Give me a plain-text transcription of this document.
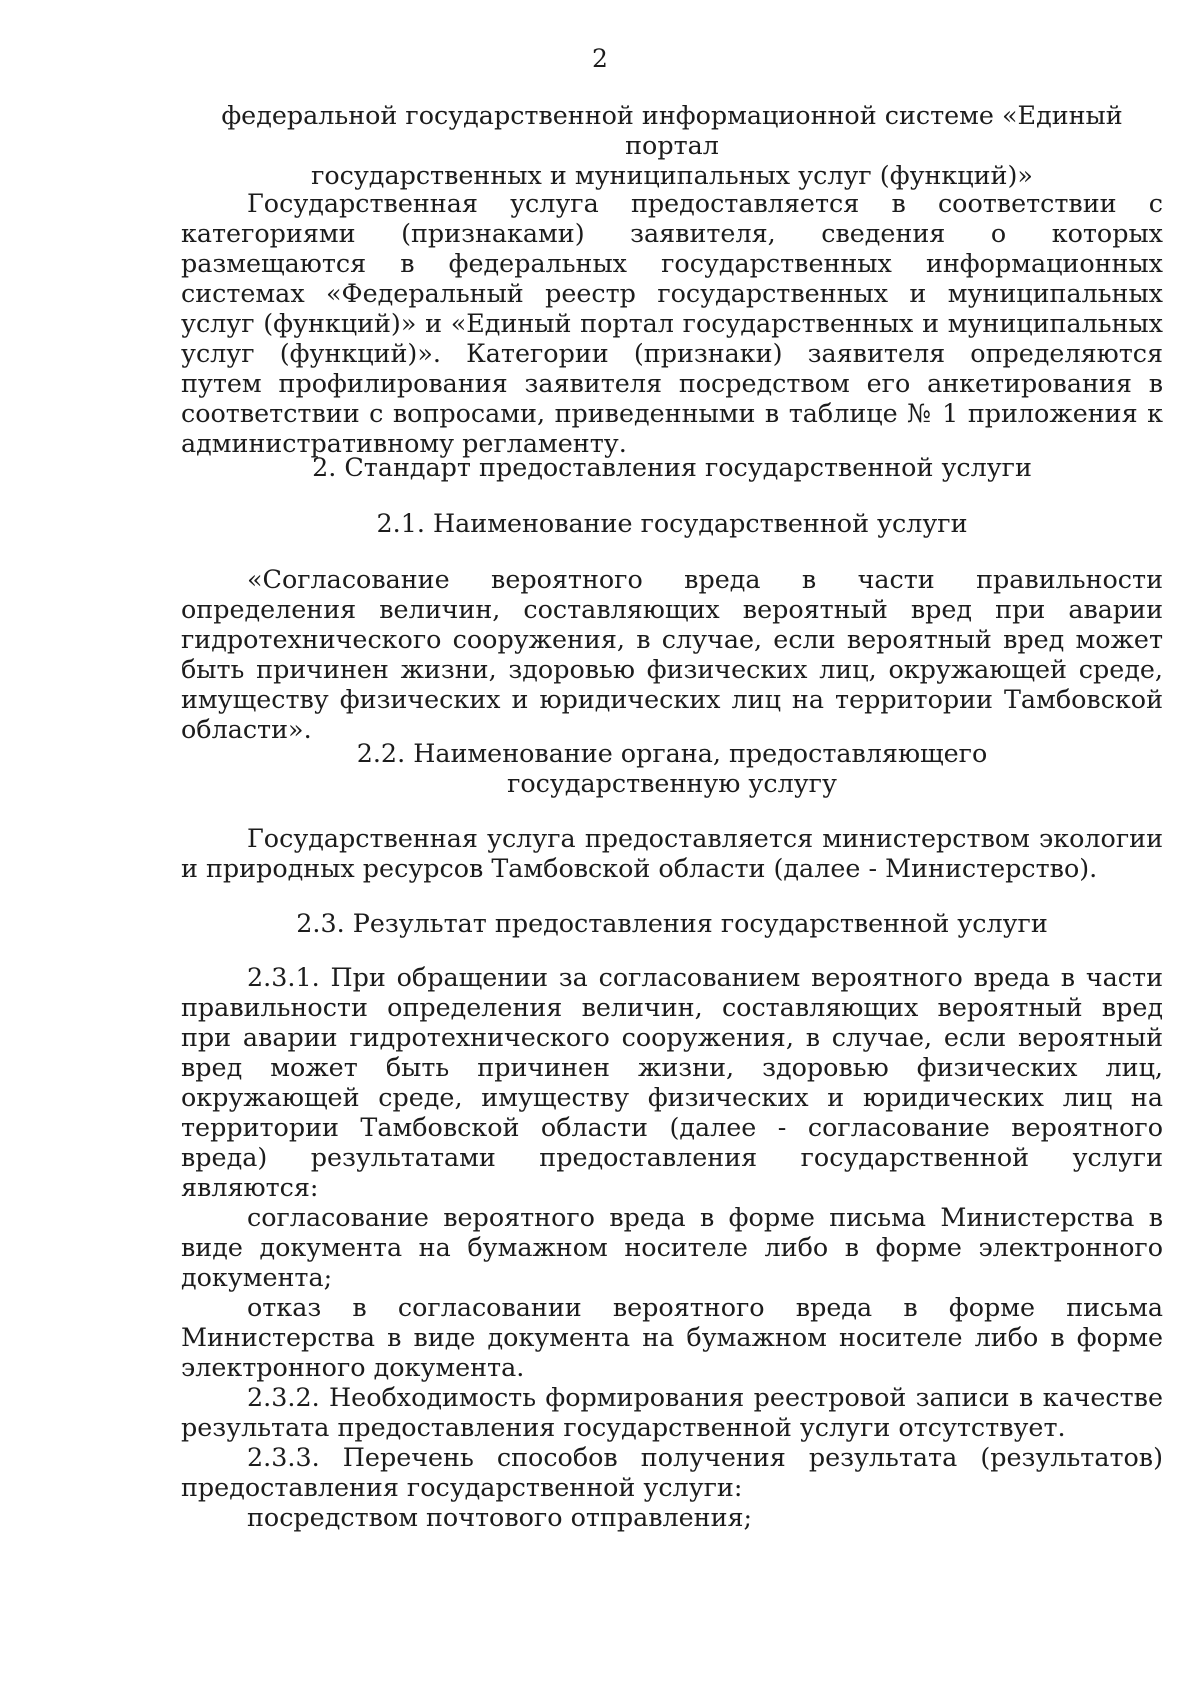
2

федеральной государственной информационной системе «Единый портал

государственных и муниципальных услуг (функций)»

Государственная услуга предоставляется в соответствии с категориями (признаками) заявителя, сведения о которых размещаются в федеральных государственных информационных системах «Федеральный реестр государственных и муниципальных услуг (функций)» и «Единый портал государственных и муниципальных услуг (функций)». Категории (признаки) заявителя определяются путем профилирования заявителя посредством его анкетирования в соответствии с вопросами, приведенными в таблице № 1 приложения к административному регламенту.

2. Стандарт предоставления государственной услуги

2.1. Наименование государственной услуги

«Согласование вероятного вреда в части правильности определения величин, составляющих вероятный вред при аварии гидротехнического сооружения, в случае, если вероятный вред может быть причинен жизни, здоровью физических лиц, окружающей среде, имуществу физических и юридических лиц на территории Тамбовской области».

2.2. Наименование органа, предоставляющего

государственную услугу

Государственная услуга предоставляется министерством экологии и природных ресурсов Тамбовской области (далее - Министерство).

2.3. Результат предоставления государственной услуги

2.3.1. При обращении за согласованием вероятного вреда в части правильности определения величин, составляющих вероятный вред при аварии гидротехнического сооружения, в случае, если вероятный вред может быть причинен жизни, здоровью физических лиц, окружающей среде, имуществу физических и юридических лиц на территории Тамбовской области (далее - согласование вероятного вреда) результатами предоставления государственной услуги являются:

согласование вероятного вреда в форме письма Министерства в виде документа на бумажном носителе либо в форме электронного документа;

отказ в согласовании вероятного вреда в форме письма Министерства в виде документа на бумажном носителе либо в форме электронного документа.

2.3.2. Необходимость формирования реестровой записи в качестве результата предоставления государственной услуги отсутствует.

2.3.3. Перечень способов получения результата (результатов) предоставления государственной услуги:

посредством почтового отправления;
